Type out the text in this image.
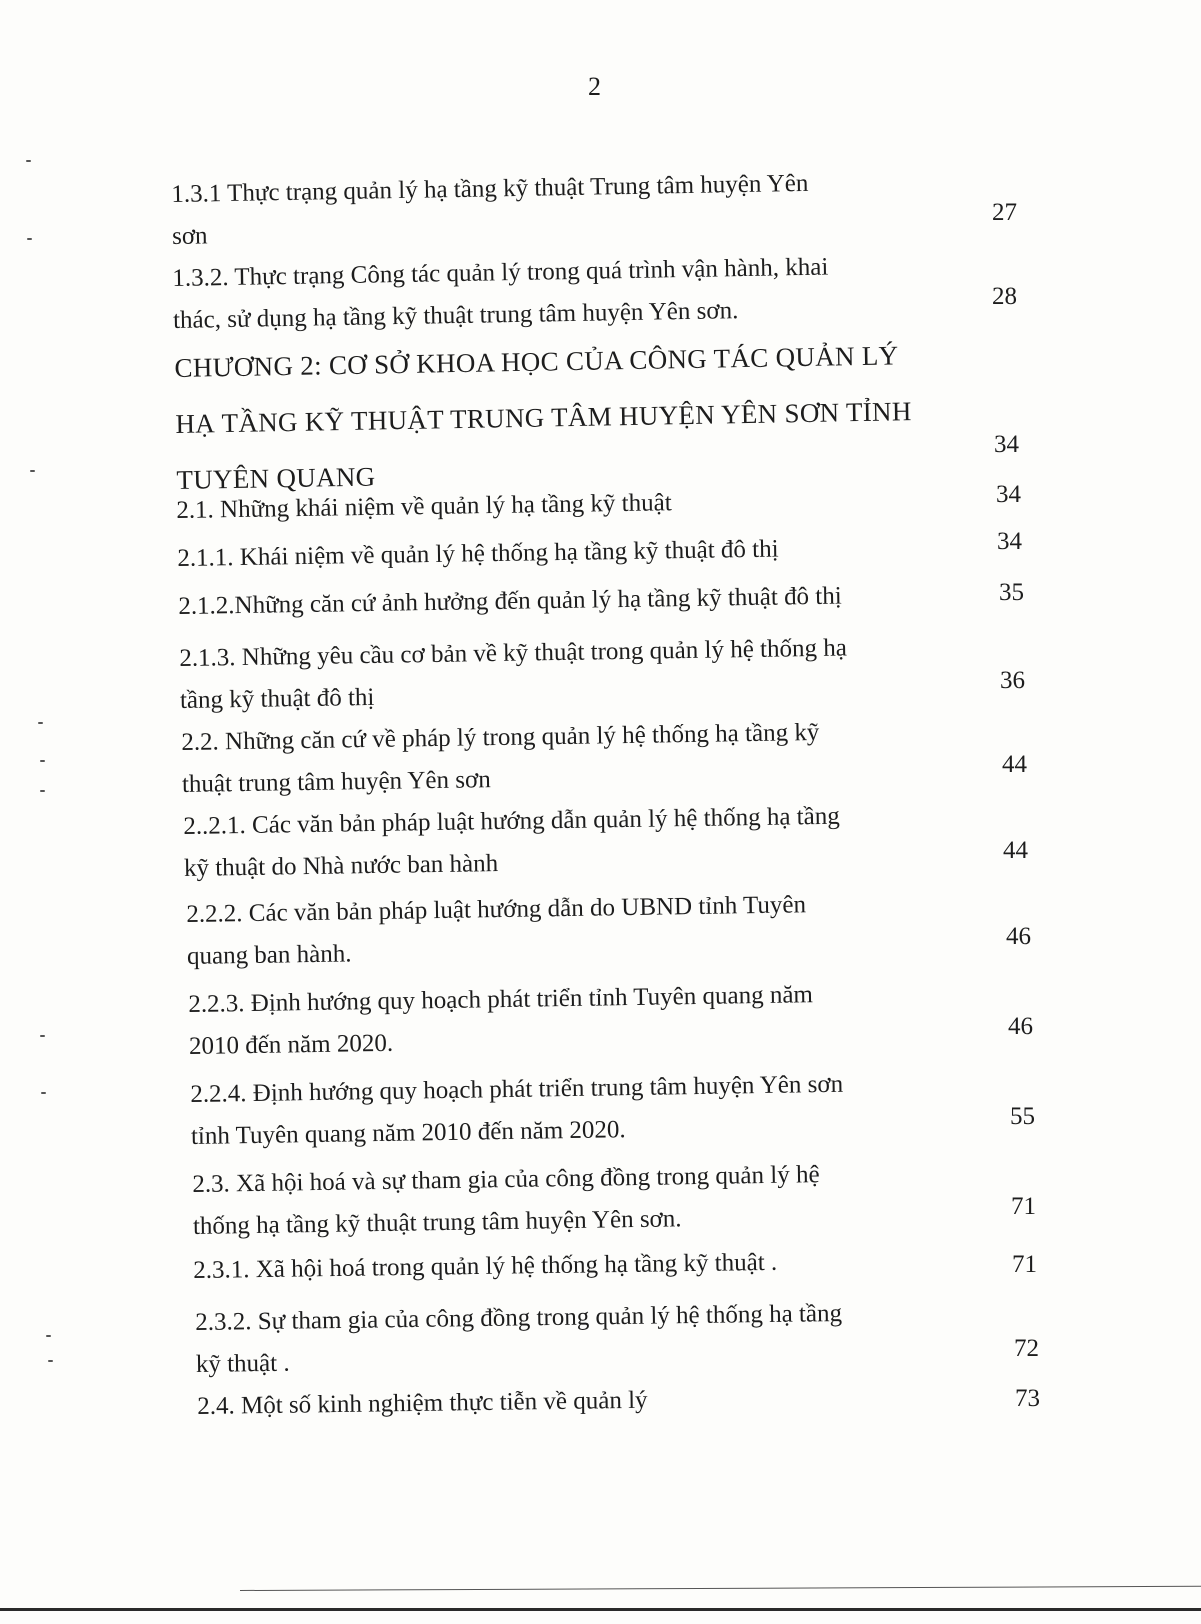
2
1.3.1 Thực trạng quản lý hạ tầng kỹ thuật Trung tâm huyện Yên
sơn
27
1.3.2. Thực trạng Công tác quản lý trong quá trình vận hành, khai
thác, sử dụng hạ tầng kỹ thuật trung tâm huyện Yên sơn.
28
CHƯƠNG 2: CƠ SỞ KHOA HỌC CỦA CÔNG TÁC QUẢN LÝ
HẠ TẦNG KỸ THUẬT TRUNG TÂM HUYỆN YÊN SƠN TỈNH
TUYÊN QUANG
34
2.1. Những khái niệm về quản lý hạ tầng kỹ thuật	34
2.1.1. Khái niệm về quản lý hệ thống hạ tầng kỹ thuật đô thị	34
2.1.2.Những căn cứ ảnh hưởng đến quản lý hạ tầng kỹ thuật đô thị	35
2.1.3. Những yêu cầu cơ bản về kỹ thuật trong quản lý hệ thống hạ
tầng kỹ thuật đô thị
36
2.2. Những căn cứ về pháp lý trong quản lý hệ thống hạ tầng kỹ
thuật trung tâm huyện Yên sơn
44
2..2.1. Các văn bản pháp luật hướng dẫn quản lý hệ thống hạ tầng
kỹ thuật do Nhà nước ban hành	44
2.2.2. Các văn bản pháp luật hướng dẫn do UBND tỉnh Tuyên
quang ban hành.
46
2.2.3. Định hướng quy hoạch phát triển tỉnh Tuyên quang năm
2010 đến năm 2020.
46
2.2.4. Định hướng quy hoạch phát triển trung tâm huyện Yên sơn
tỉnh Tuyên quang năm 2010 đến năm 2020.	55
2.3. Xã hội hoá và sự tham gia của công đồng trong quản lý hệ
thống hạ tầng kỹ thuật trung tâm huyện Yên sơn.	71
2.3.1. Xã hội hoá trong quản lý hệ thống hạ tầng kỹ thuật .	71
2.3.2. Sự tham gia của công đồng trong quản lý hệ thống hạ tầng
kỹ thuật .
72
2.4. Một số kinh nghiệm thực tiễn về quản lý	73
